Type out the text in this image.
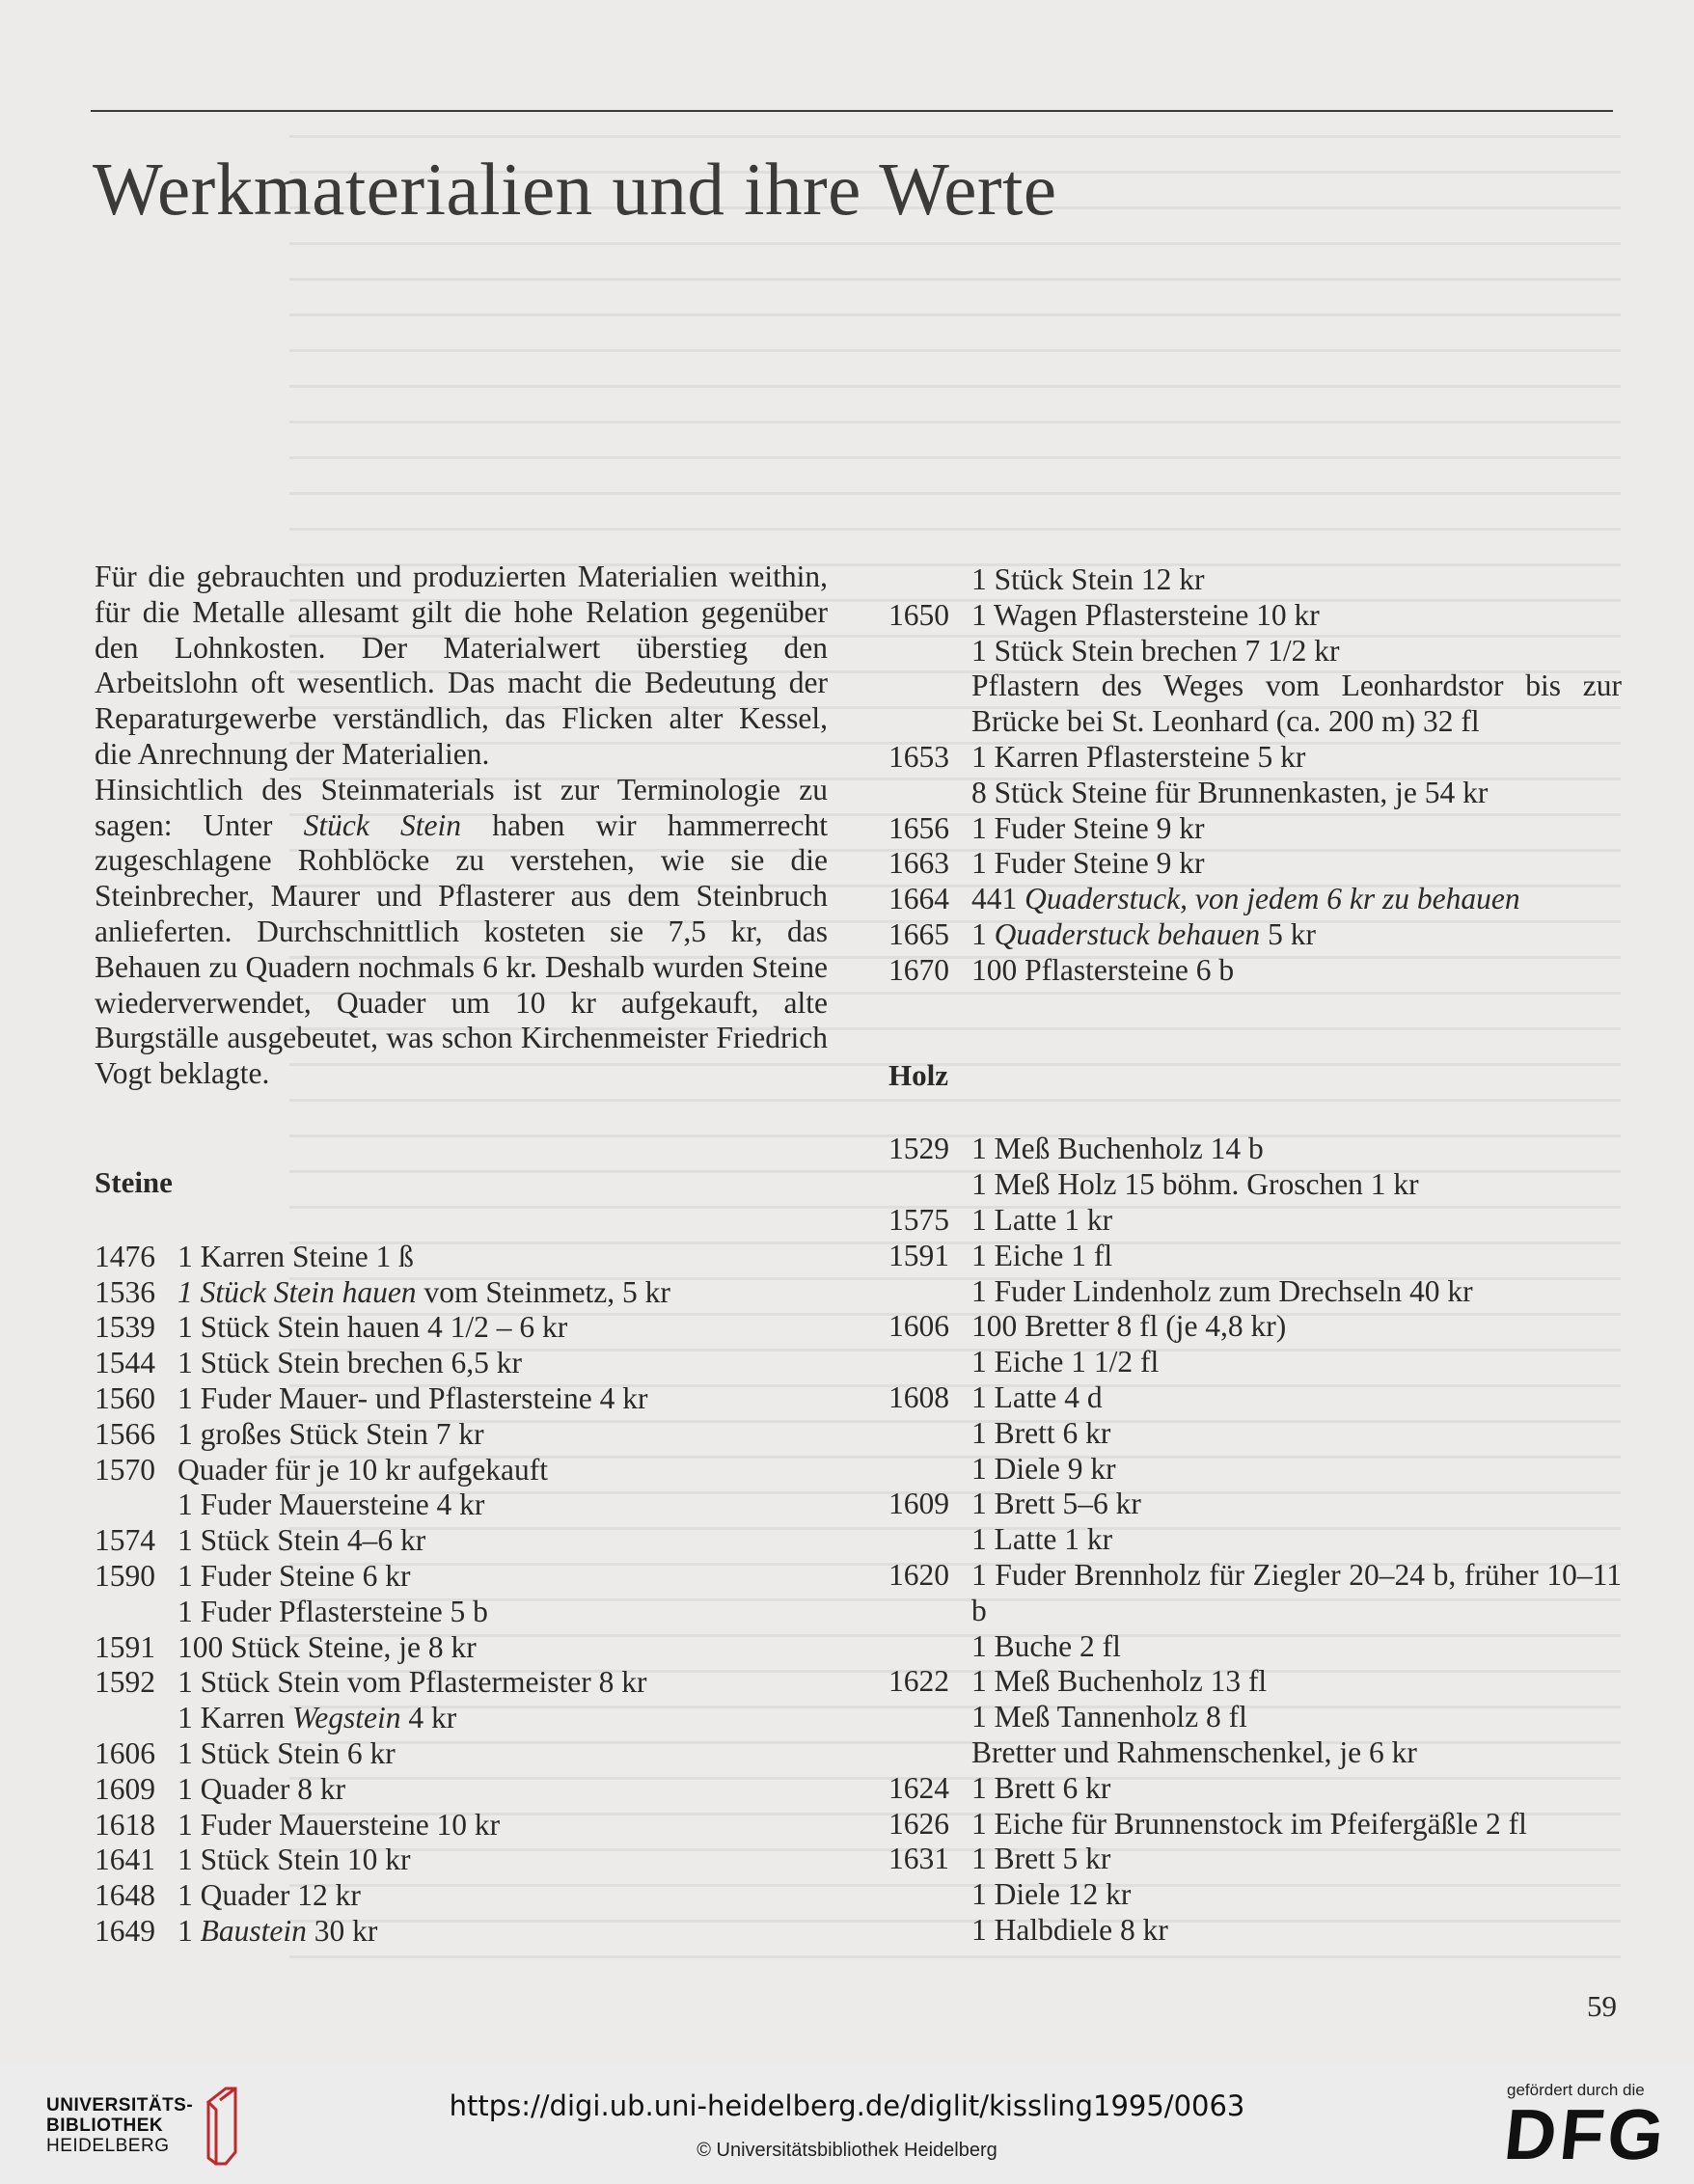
Werkmaterialien und ihre Werte

Für die gebrauchten und produzierten Materialien weithin, für die Metalle allesamt gilt die hohe Relation gegenüber den Lohnkosten. Der Materialwert überstieg den Arbeitslohn oft wesentlich. Das macht die Bedeutung der Reparaturgewerbe verständlich, das Flicken alter Kessel, die Anrechnung der Materialien.

Hinsichtlich des Steinmaterials ist zur Terminologie zu sagen: Unter Stück Stein haben wir hammerrecht zugeschlagene Rohblöcke zu verstehen, wie sie die Steinbrecher, Maurer und Pflasterer aus dem Steinbruch anlieferten. Durchschnittlich kosteten sie 7,5 kr, das Behauen zu Quadern nochmals 6 kr. Deshalb wurden Steine wiederverwendet, Quader um 10 kr aufgekauft, alte Burgställe ausgebeutet, was schon Kirchenmeister Friedrich Vogt beklagte.

Steine
1476 1 Karren Steine 1 ß
1536 1 Stück Stein hauen vom Steinmetz, 5 kr
1539 1 Stück Stein hauen 4 1/2 – 6 kr
1544 1 Stück Stein brechen 6,5 kr
1560 1 Fuder Mauer- und Pflastersteine 4 kr
1566 1 großes Stück Stein 7 kr
1570 Quader für je 10 kr aufgekauft
1 Fuder Mauersteine 4 kr
1574 1 Stück Stein 4–6 kr
1590 1 Fuder Steine 6 kr
1 Fuder Pflastersteine 5 b
1591 100 Stück Steine, je 8 kr
1592 1 Stück Stein vom Pflastermeister 8 kr
1 Karren Wegstein 4 kr
1606 1 Stück Stein 6 kr
1609 1 Quader 8 kr
1618 1 Fuder Mauersteine 10 kr
1641 1 Stück Stein 10 kr
1648 1 Quader 12 kr
1649 1 Baustein 30 kr
1 Stück Stein 12 kr
1650 1 Wagen Pflastersteine 10 kr
1 Stück Stein brechen 7 1/2 kr
Pflastern des Weges vom Leonhardstor bis zur Brücke bei St. Leonhard (ca. 200 m) 32 fl
1653 1 Karren Pflastersteine 5 kr
8 Stück Steine für Brunnenkasten, je 54 kr
1656 1 Fuder Steine 9 kr
1663 1 Fuder Steine 9 kr
1664 441 Quaderstuck, von jedem 6 kr zu behauen
1665 1 Quaderstuck behauen 5 kr
1670 100 Pflastersteine 6 b
Holz
1529 1 Meß Buchenholz 14 b
1 Meß Holz 15 böhm. Groschen 1 kr
1575 1 Latte 1 kr
1591 1 Eiche 1 fl
1 Fuder Lindenholz zum Drechseln 40 kr
1606 100 Bretter 8 fl (je 4,8 kr)
1 Eiche 1 1/2 fl
1608 1 Latte 4 d
1 Brett 6 kr
1 Diele 9 kr
1609 1 Brett 5–6 kr
1 Latte 1 kr
1620 1 Fuder Brennholz für Ziegler 20–24 b, früher 10–11 b
1 Buche 2 fl
1622 1 Meß Buchenholz 13 fl
1 Meß Tannenholz 8 fl
Bretter und Rahmenschenkel, je 6 kr
1624 1 Brett 6 kr
1626 1 Eiche für Brunnenstock im Pfeifergäßle 2 fl
1631 1 Brett 5 kr
1 Diele 12 kr
1 Halbdiele 8 kr
59
UNIVERSITÄTS-
BIBLIOTHEK
HEIDELBERG
https://digi.ub.uni-heidelberg.de/diglit/kissling1995/0063
© Universitätsbibliothek Heidelberg
gefördert durch die
DFG
